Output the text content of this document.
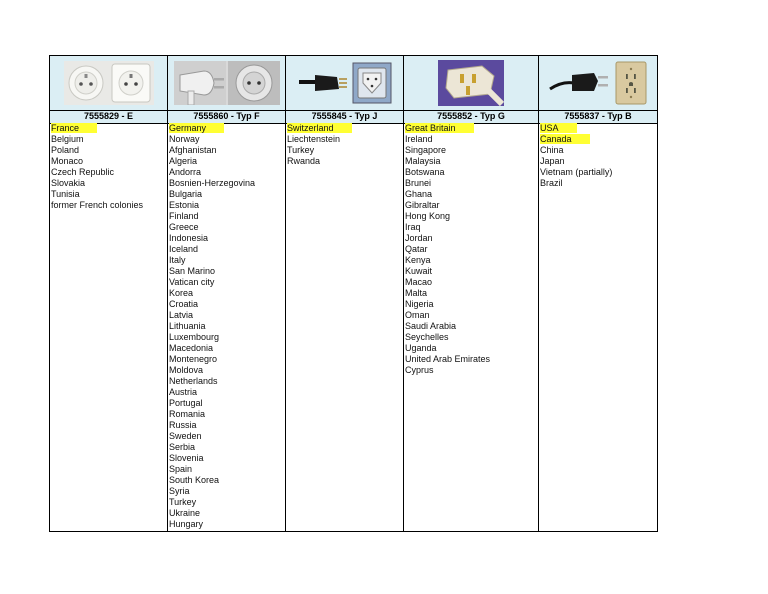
7555829 - E
France
Belgium
Poland
Monaco
Czech Republic
Slovakia
Tunisia
former French colonies
7555860 - Typ F
Germany
Norway
Afghanistan
Algeria
Andorra
Bosnien-Herzegovina
Bulgaria
Estonia
Finland
Greece
Indonesia
Iceland
Italy
San Marino
Vatican city
Korea
Croatia
Latvia
Lithuania
Luxembourg
Macedonia
Montenegro
Moldova
Netherlands
Austria
Portugal
Romania
Russia
Sweden
Serbia
Slovenia
Spain
South Korea
Syria
Turkey
Ukraine
Hungary
7555845 - Typ J
Switzerland
Liechtenstein
Turkey
Rwanda
7555852 - Typ G
Great Britain
Ireland
Singapore
Malaysia
Botswana
Brunei
Ghana
Gibraltar
Hong Kong
Iraq
Jordan
Qatar
Kenya
Kuwait
Macao
Malta
Nigeria
Oman
Saudi Arabia
Seychelles
Uganda
United Arab Emirates
Cyprus
7555837 - Typ B
USA
Canada
China
Japan
Vietnam (partially)
Brazil
